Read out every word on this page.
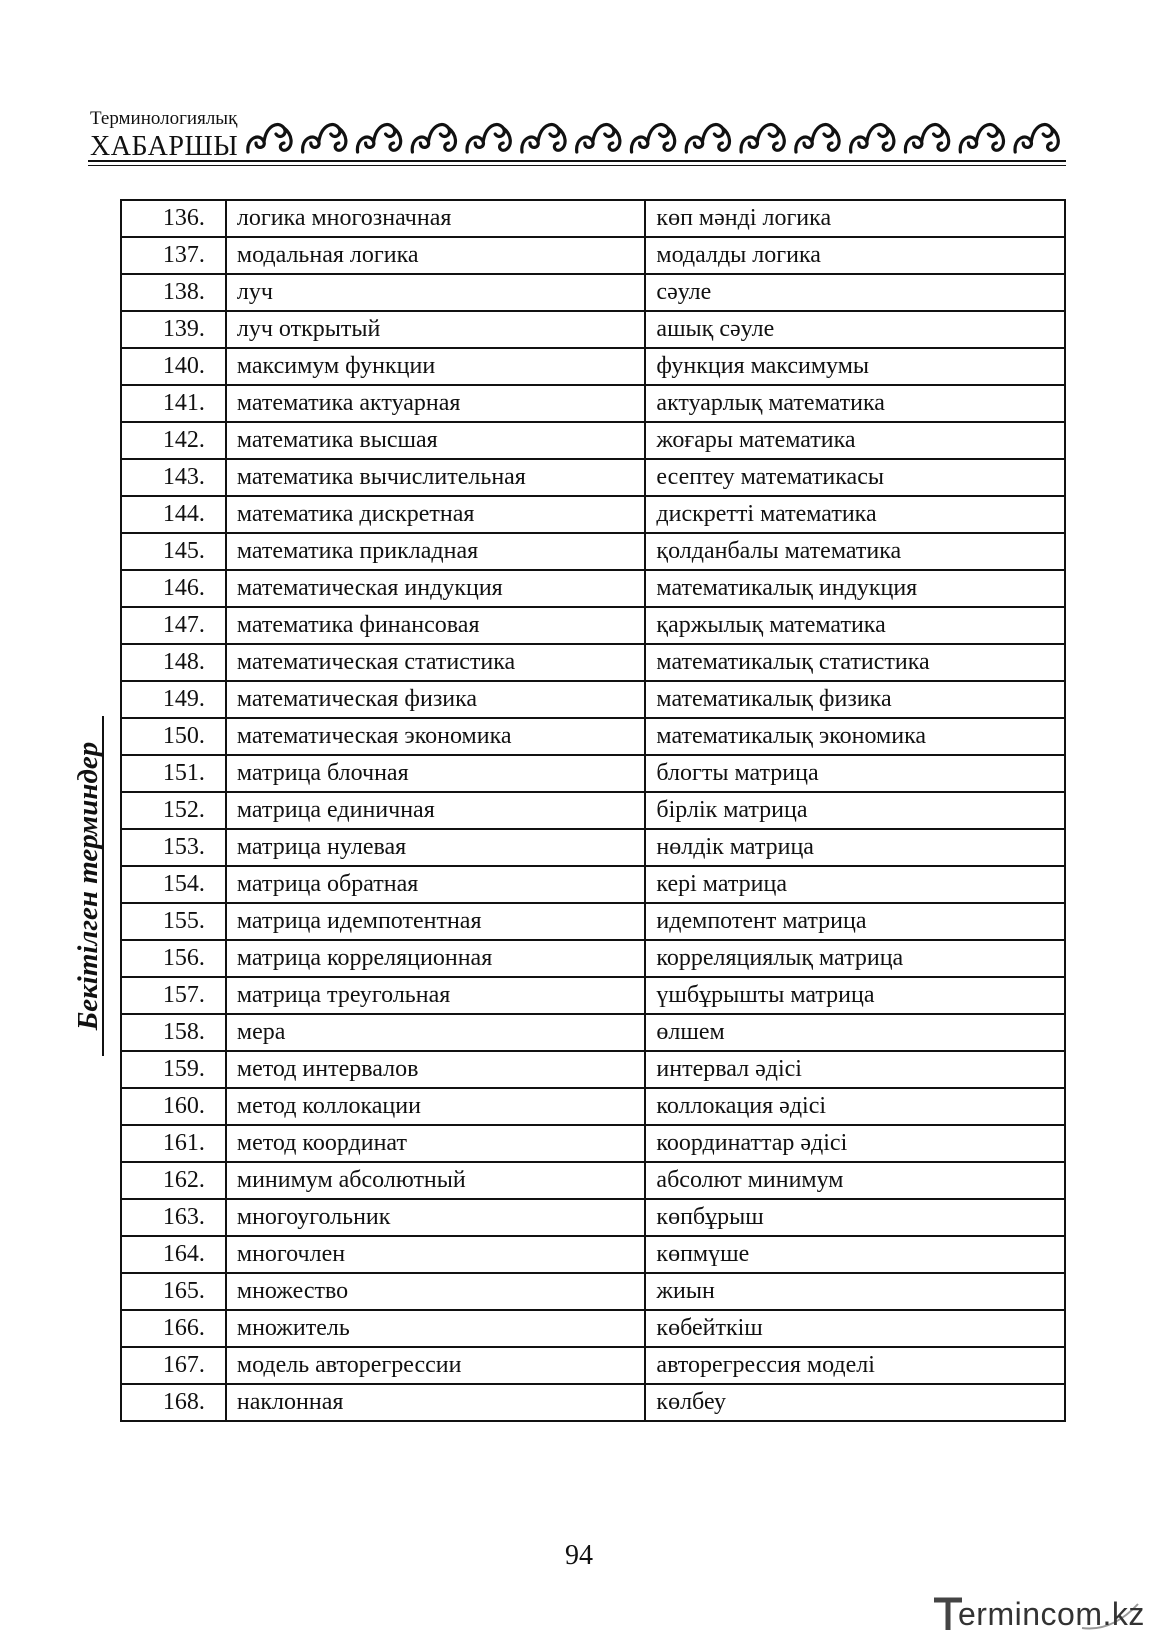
Терминологиялық
ХАБАРШЫ
Бекітілген терминдер
136.	логика многозначная	көп мәнді логика
137.	модальная логика	модалды логика
138.	луч	сәуле
139.	луч открытый	ашық сәуле
140.	максимум функции	функция максимумы
141.	математика актуарная	актуарлық математика
142.	математика высшая	жоғары математика
143.	математика вычислительная	есептеу математикасы
144.	математика дискретная	дискретті математика
145.	математика прикладная	қолданбалы математика
146.	математическая индукция	математикалық индукция
147.	математика финансовая	қаржылық математика
148.	математическая статистика	математикалық статистика
149.	математическая физика	математикалық физика
150.	математическая экономика	математикалық экономика
151.	матрица блочная	блогты матрица
152.	матрица единичная	бірлік матрица
153.	матрица нулевая	нөлдік матрица
154.	матрица обратная	кері матрица
155.	матрица идемпотентная	идемпотент матрица
156.	матрица корреляционная	корреляциялық матрица
157.	матрица треугольная	үшбұрышты матрица
158.	мера	өлшем
159.	метод интервалов	интервал әдісі
160.	метод коллокации	коллокация әдісі
161.	метод координат	координаттар әдісі
162.	минимум абсолютный	абсолют минимум
163.	многоугольник	көпбұрыш
164.	многочлен	көпмүше
165.	множество	жиын
166.	множитель	көбейткіш
167.	модель авторегрессии	авторегрессия моделі
168.	наклонная	көлбеу
94
ermincom.kz
